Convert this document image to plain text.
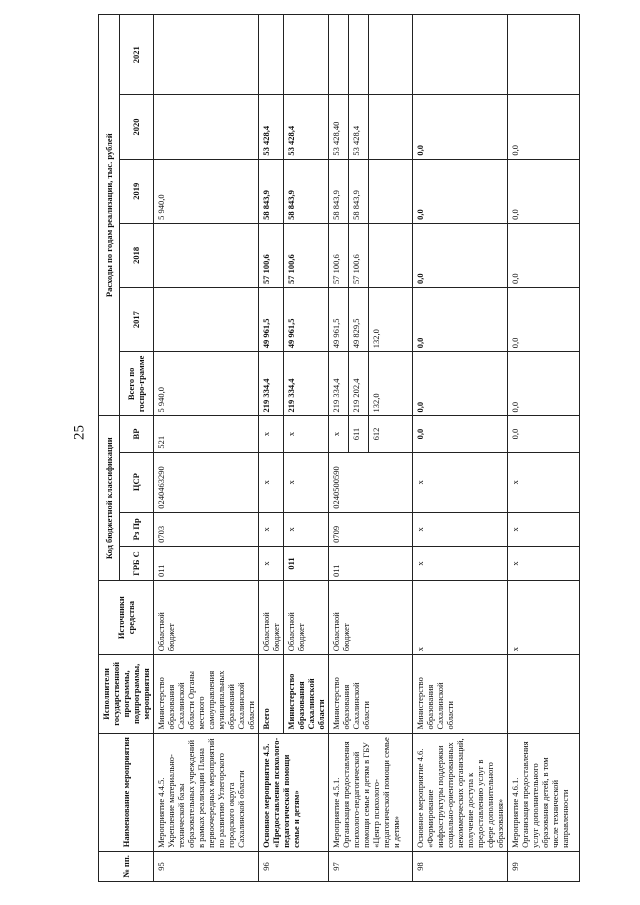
25
№ пп.	Наименование мероприятия	Исполнители государственной программы, подпрограммы, мероприятия	Источники средства	Код бюджетной классификации				Расходы по годам реализации, тыс. рублей					
				ГРБ С	Рз Пр	ЦСР	ВР	Всего по госпро-грамме	2017	2018	2019	2020	2021
95	Мероприятие 4.4.5. Укрепление материально-технической базы образовательных учреждений в рамках реализации Плана первоочередных мероприятий по развитию Углегорского городского округа Сахалинской области	Министерство образования Сахалинской области Органы местного самоуправления муниципальных образований Сахалинской области	Областной бюджет	011	0703	0240463290	521	5 940,0			5 940,0		
96	Основное мероприятие 4.5. «Предоставление психолого-педагогической помощи семье и детям»	Всего	Областной бюджет	x	x	x	x	219 334,4	49 961,5	57 100,6	58 843,9	53 428,4	
		Министерство образования Сахалинской области	Областной бюджет	011	x	x	x	219 334,4	49 961,5	57 100,6	58 843,9	53 428,4	
97	Мероприятие 4.5.1. Организация предоставления психолого-педагогической помощи семье и детям в ГБУ «Центр психолого-педагогической помощи семье и детям»	Министерство образования Сахалинской области	Областной бюджет	011	0709	0240500590	x	219 334,4	49 961,5	57 100,6	58 843,9	53 428,40	
							611	219 202,4	49 829,5	57 100,6	58 843,9	53 428,4	
							612	132,0	132,0				
98	Основное мероприятие 4.6. «Формирование инфраструктуры поддержки социально-ориентированных некоммерческих организаций, получение доступа к предоставлению услуг в сфере дополнительного образования»	Министерство образования Сахалинской области	x	x	x	x	0,0	0,0	0,0	0,0	0,0	0,0	
99	Мероприятие 4.6.1. Организация предоставления услуг дополнительного образования детей, в том числе технической направленности		x	x	x	x	0,0	0,0	0,0	0,0	0,0	0,0	
